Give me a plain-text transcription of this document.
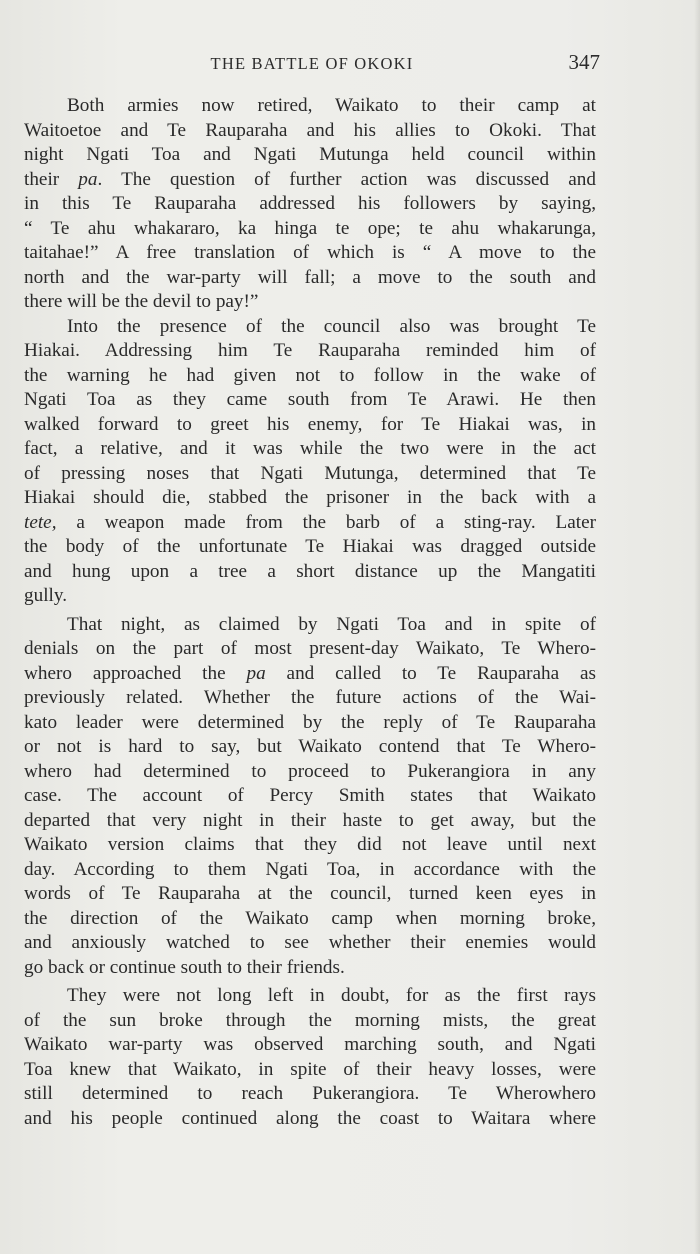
THE BATTLE OF OKOKI	347
Both armies now retired, Waikato to their camp at
Waitoetoe and Te Rauparaha and his allies to Okoki. That
night Ngati Toa and Ngati Mutunga held council within
their pa. The question of further action was discussed and
in this Te Rauparaha addressed his followers by saying,
“ Te ahu whakararo, ka hinga te ope; te ahu whakarunga,
taitahae!” A free translation of which is “ A move to the
north and the war-party will fall; a move to the south and
there will be the devil to pay!”
Into the presence of the council also was brought Te
Hiakai. Addressing him Te Rauparaha reminded him of
the warning he had given not to follow in the wake of
Ngati Toa as they came south from Te Arawi. He then
walked forward to greet his enemy, for Te Hiakai was, in
fact, a relative, and it was while the two were in the act
of pressing noses that Ngati Mutunga, determined that Te
Hiakai should die, stabbed the prisoner in the back with a
tete, a weapon made from the barb of a sting-ray. Later
the body of the unfortunate Te Hiakai was dragged outside
and hung upon a tree a short distance up the Mangatiti
gully.
That night, as claimed by Ngati Toa and in spite of
denials on the part of most present-day Waikato, Te Whero-
whero approached the pa and called to Te Rauparaha as
previously related. Whether the future actions of the Wai-
kato leader were determined by the reply of Te Rauparaha
or not is hard to say, but Waikato contend that Te Whero-
whero had determined to proceed to Pukerangiora in any
case. The account of Percy Smith states that Waikato
departed that very night in their haste to get away, but the
Waikato version claims that they did not leave until next
day. According to them Ngati Toa, in accordance with the
words of Te Rauparaha at the council, turned keen eyes in
the direction of the Waikato camp when morning broke,
and anxiously watched to see whether their enemies would
go back or continue south to their friends.
They were not long left in doubt, for as the first rays
of the sun broke through the morning mists, the great
Waikato war-party was observed marching south, and Ngati
Toa knew that Waikato, in spite of their heavy losses, were
still determined to reach Pukerangiora. Te Wherowhero
and his people continued along the coast to Waitara where
